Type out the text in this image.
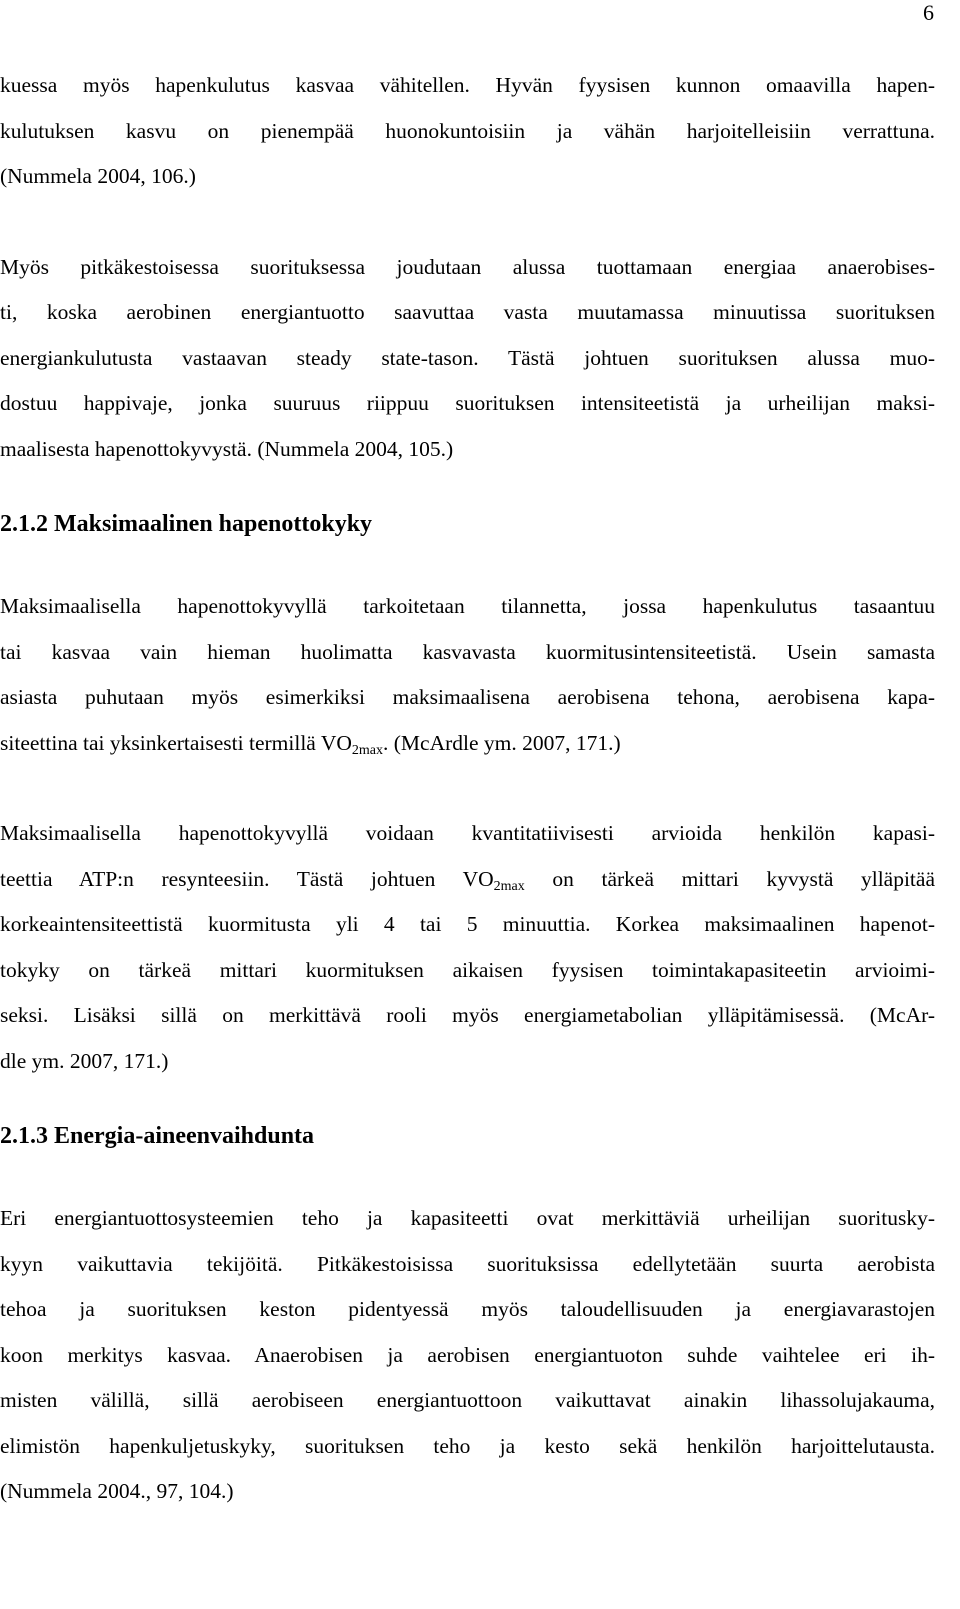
6

kuessa myös hapenkulutus kasvaa vähitellen. Hyvän fyysisen kunnon omaavilla hapen-
kulutuksen kasvu on pienempää huonokuntoisiin ja vähän harjoitelleisiin verrattuna.
(Nummela 2004, 106.)

Myös pitkäkestoisessa suorituksessa joudutaan alussa tuottamaan energiaa anaerobises-
ti, koska aerobinen energiantuotto saavuttaa vasta muutamassa minuutissa suorituksen
energiankulutusta vastaavan steady state-tason. Tästä johtuen suorituksen alussa muo-
dostuu happivaje, jonka suuruus riippuu suorituksen intensiteetistä ja urheilijan maksi-
maalisesta hapenottokyvystä. (Nummela 2004, 105.)

2.1.2 Maksimaalinen hapenottokyky

Maksimaalisella hapenottokyvyllä tarkoitetaan tilannetta, jossa hapenkulutus tasaantuu
tai kasvaa vain hieman huolimatta kasvavasta kuormitusintensiteetistä. Usein samasta
asiasta puhutaan myös esimerkiksi maksimaalisena aerobisena tehona, aerobisena kapa-
siteettina tai yksinkertaisesti termillä $VO_{2max}$. (McArdle ym. 2007, 171.)

Maksimaalisella hapenottokyvyllä voidaan kvantitatiivisesti arvioida henkilön kapasi-
teettia ATP:n resynteesiin. Tästä johtuen $VO_{2max}$ on tärkeä mittari kyvystä ylläpitää
korkeaintensiteettistä kuormitusta yli 4 tai 5 minuuttia. Korkea maksimaalinen hapenot-
tokyky on tärkeä mittari kuormituksen aikaisen fyysisen toimintakapasiteetin arvioimi-
seksi. Lisäksi sillä on merkittävä rooli myös energiametabolian ylläpitämisessä. (McAr-
dle ym. 2007, 171.)

2.1.3 Energia-aineenvaihdunta

Eri energiantuottosysteemien teho ja kapasiteetti ovat merkittäviä urheilijan suoritusky-
kyyn vaikuttavia tekijöitä. Pitkäkestoisissa suorituksissa edellytetään suurta aerobista
tehoa ja suorituksen keston pidentyessä myös taloudellisuuden ja energiavarastojen
koon merkitys kasvaa. Anaerobisen ja aerobisen energiantuoton suhde vaihtelee eri ih-
misten välillä, sillä aerobiseen energiantuottoon vaikuttavat ainakin lihassolujakauma,
elimistön hapenkuljetuskyky, suorituksen teho ja kesto sekä henkilön harjoittelutausta.
(Nummela 2004., 97, 104.)
